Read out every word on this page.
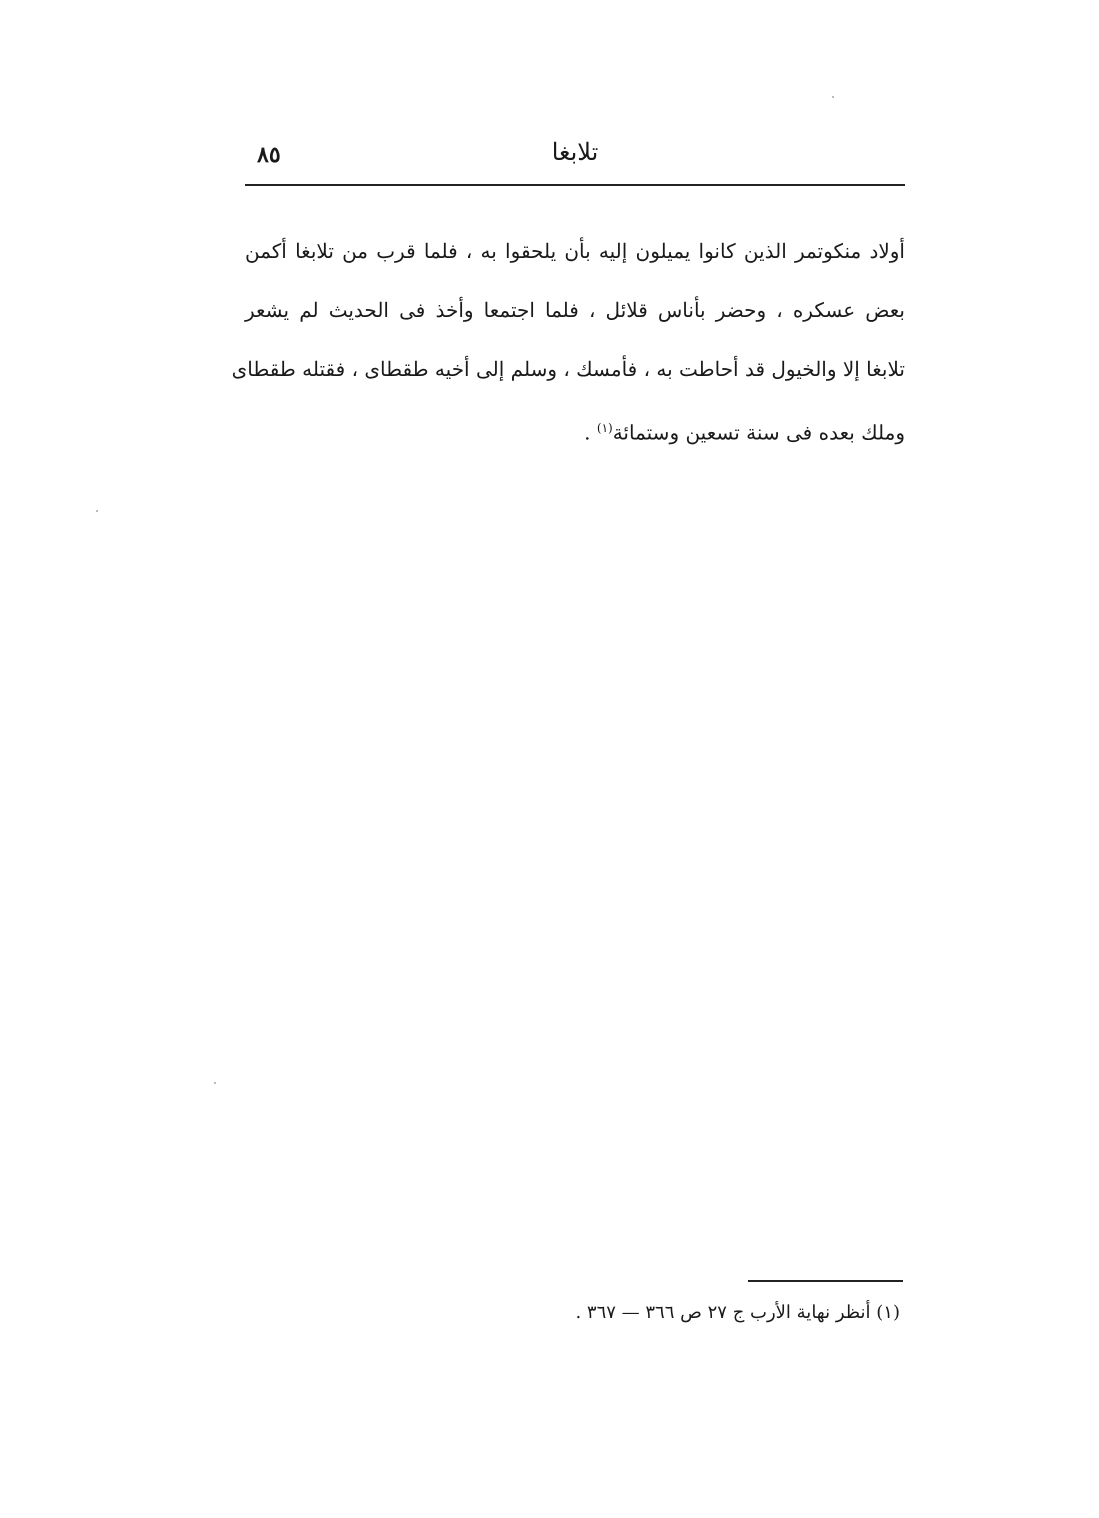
٨٥	تلابغا
أولاد منكوتمر الذين كانوا يميلون إليه بأن يلحقوا به ، فلما قرب من تلابغا أكمن
بعض عسكره ، وحضر بأناس قلائل ، فلما اجتمعا وأخذ فى الحديث لم يشعر
تلابغا إلا والخيول قد أحاطت به ، فأمسك ، وسلم إلى أخيه طقطاى ، فقتله طقطاى
وملك بعده فى سنة تسعين وستمائة$^{(١)}$ .
(١) أنظر نهاية الأرب ج ٢٧ ص ٣٦٦ — ٣٦٧ .
